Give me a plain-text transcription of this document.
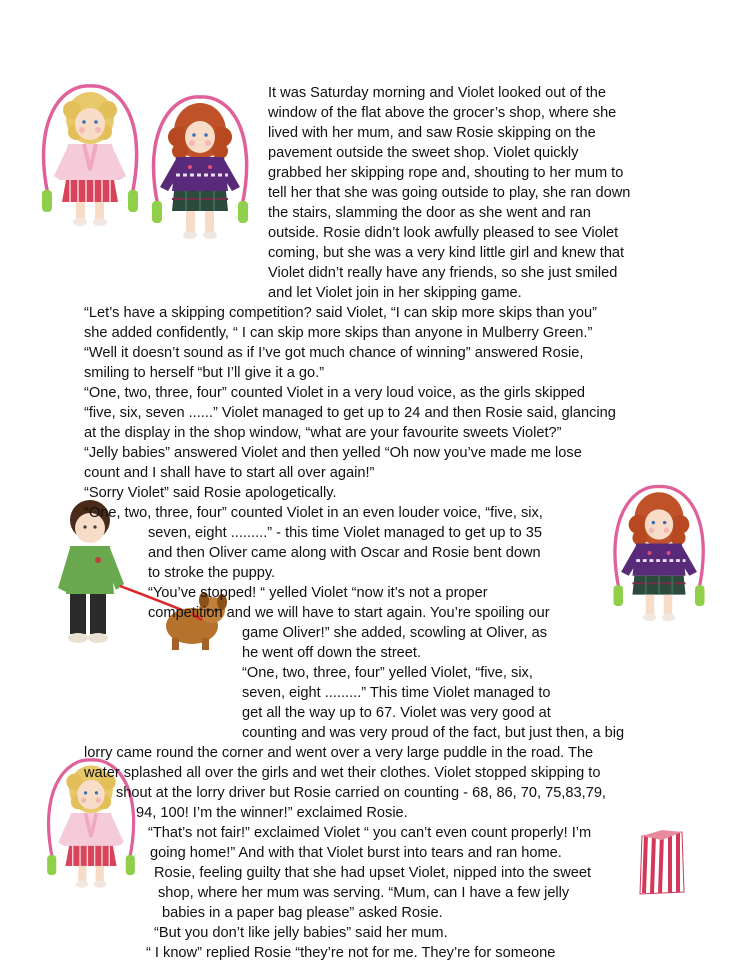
It was Saturday morning and Violet looked out of the
window of the flat above the grocer’s shop, where she
lived with her mum, and saw Rosie skipping on the
pavement outside the sweet shop. Violet quickly
grabbed her skipping rope and, shouting to her mum to
tell her that she was going outside to play, she ran down
the stairs, slamming the door as she went and ran
outside. Rosie didn’t look awfully pleased to see Violet
coming, but she was a very kind little girl and knew that
Violet didn’t really have any friends, so she just smiled
and let Violet join in her skipping game.
“Let’s have a skipping competition? said Violet, “I can skip more skips than you”
she added confidently, “ I can skip more skips than anyone in Mulberry Green.”
“Well it doesn’t sound as if I’ve got much chance of winning” answered Rosie,
smiling to herself “but I’ll give it a go.”
“One, two, three, four” counted Violet in a very loud voice, as the girls skipped
“five, six, seven ......” Violet managed to get up to 24 and then Rosie said, glancing
at the display in the shop window, “what are your favourite sweets Violet?”
“Jelly babies” answered Violet and then yelled “Oh now you’ve made me lose
count and I shall have to start all over again!”
“Sorry Violet” said Rosie apologetically.
“One, two, three, four” counted Violet in an even louder voice, “five, six,
seven, eight .........” - this time Violet managed to get up to 35
and then Oliver came along with Oscar and Rosie bent down
to stroke the puppy.
“You’ve stopped! “ yelled Violet “now it’s not a proper
competition and we will have to start again. You’re spoiling our
game Oliver!” she added, scowling at Oliver, as
he went off down the street.
“One, two, three, four” yelled Violet, “five, six,
seven, eight .........” This time Violet managed to
get all the way up to 67. Violet was very good at
counting and was very proud of the fact, but just then, a big
lorry came round the corner and went over a very large puddle in the road. The
water splashed all over the girls and wet their clothes. Violet stopped skipping to
shout at the lorry driver but Rosie carried on counting - 68, 86, 70, 75,83,79,
94, 100! I’m the winner!” exclaimed Rosie.
“That’s not fair!” exclaimed Violet “ you can’t even count properly! I’m
going home!” And with that Violet burst into tears and ran home.
Rosie, feeling guilty that she had upset Violet, nipped into the sweet
shop, where her mum was serving. “Mum, can I have a few jelly
babies in a paper bag please” asked Rosie.
“But you don’t like jelly babies” said her mum.
“ I know” replied Rosie “they’re not for me. They’re for someone
